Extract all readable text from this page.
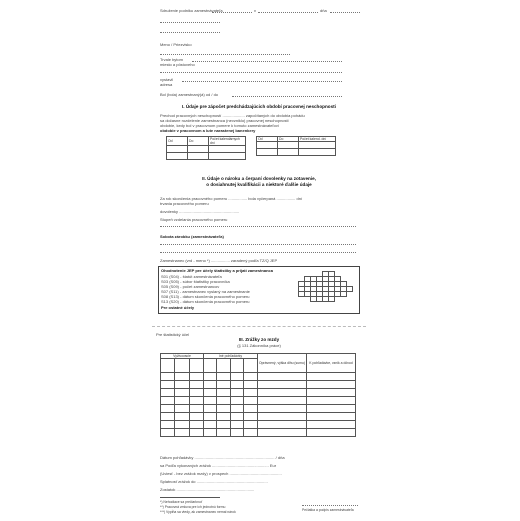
Sdruženie podniku zamestnávateľa	v	dňa
Meno / Priezvisko
Trvale bytom
miesto a pôstoveho
vystavil
adresa
Bol (bola) zamestnaný(á) od / do
I. Údaje pre zápočet predchádzajúcich období pracovnej neschopnosti
Prechod pracovných neschopností .................... započítaných do obdobia pohádu
sa dočasne rozdelenie zamestnanca (nevzniklo) pracovnej neschopnosti
obdobie, kedy bol v pracovnom pomere k tomuto zamestnávateľovi
obdobie v pracovnom a lute narastenej banenkery
Od	Do	Počet kalendárnych dní

Od	Do	Počet kalend. dní

II. Údaje o nároku a čerpaní dovolenky na zotavenie,
o dosiahnutej kvalifikácii a niektoré ďalšie údaje
Za rok skončenia pracovného pomeru ................. bola vyčerpaná ................. dní
trvania pracovného pomeru
dovolenky ......................................................
Stupeň vzdelania pracovného pomeru
Sobota zárobku (zamestnávateľa)
Zamestnanec (vrd - meno *) ................. zaradený podľa TZ/Q JEP
Ohodnotenie JEP pre účely štatistiky a prijatí zamestnanca
S01 (S04) - štatút zamestnávateľa
S03 (S05) - súbor štatistiky pracovníka
S05 (S09) - počet zamestnancov
S07 (S11) - zamestnanec vyslaný na zamestnanie
S08 (S13) - dátum skončenia pracovného pomeru
S13 (S20) - dátum skončenia pracovného pomeru
Pre ostatné účely
Pre štatistický účel
III. Zrážky zo mzdy
(§ 131 Zákonníka práce)
Vyživovacie			Iné pohľadávky				Oprávnený, výška dlhu (sumu)	K pohľadávke, vznik a dôvod

Dátum pohľadávky ........................................................................ / dňa
sa Podľa vykonaných zrážok ................................................... Eur
(Uviesť - bez zrážok mzdy) v prospech ...............................................
Splatnosť zrážok do ................................................................
Zostatok ......................................................................
*) Nehodiace sa prečiarknuť
**) Pracovná zmluva pre ich jednotnú formu
***) Vypĺňa sa vtedy, ak zamestnanec nemal nárok	Pečiatka a podpis zamestnávateľa
